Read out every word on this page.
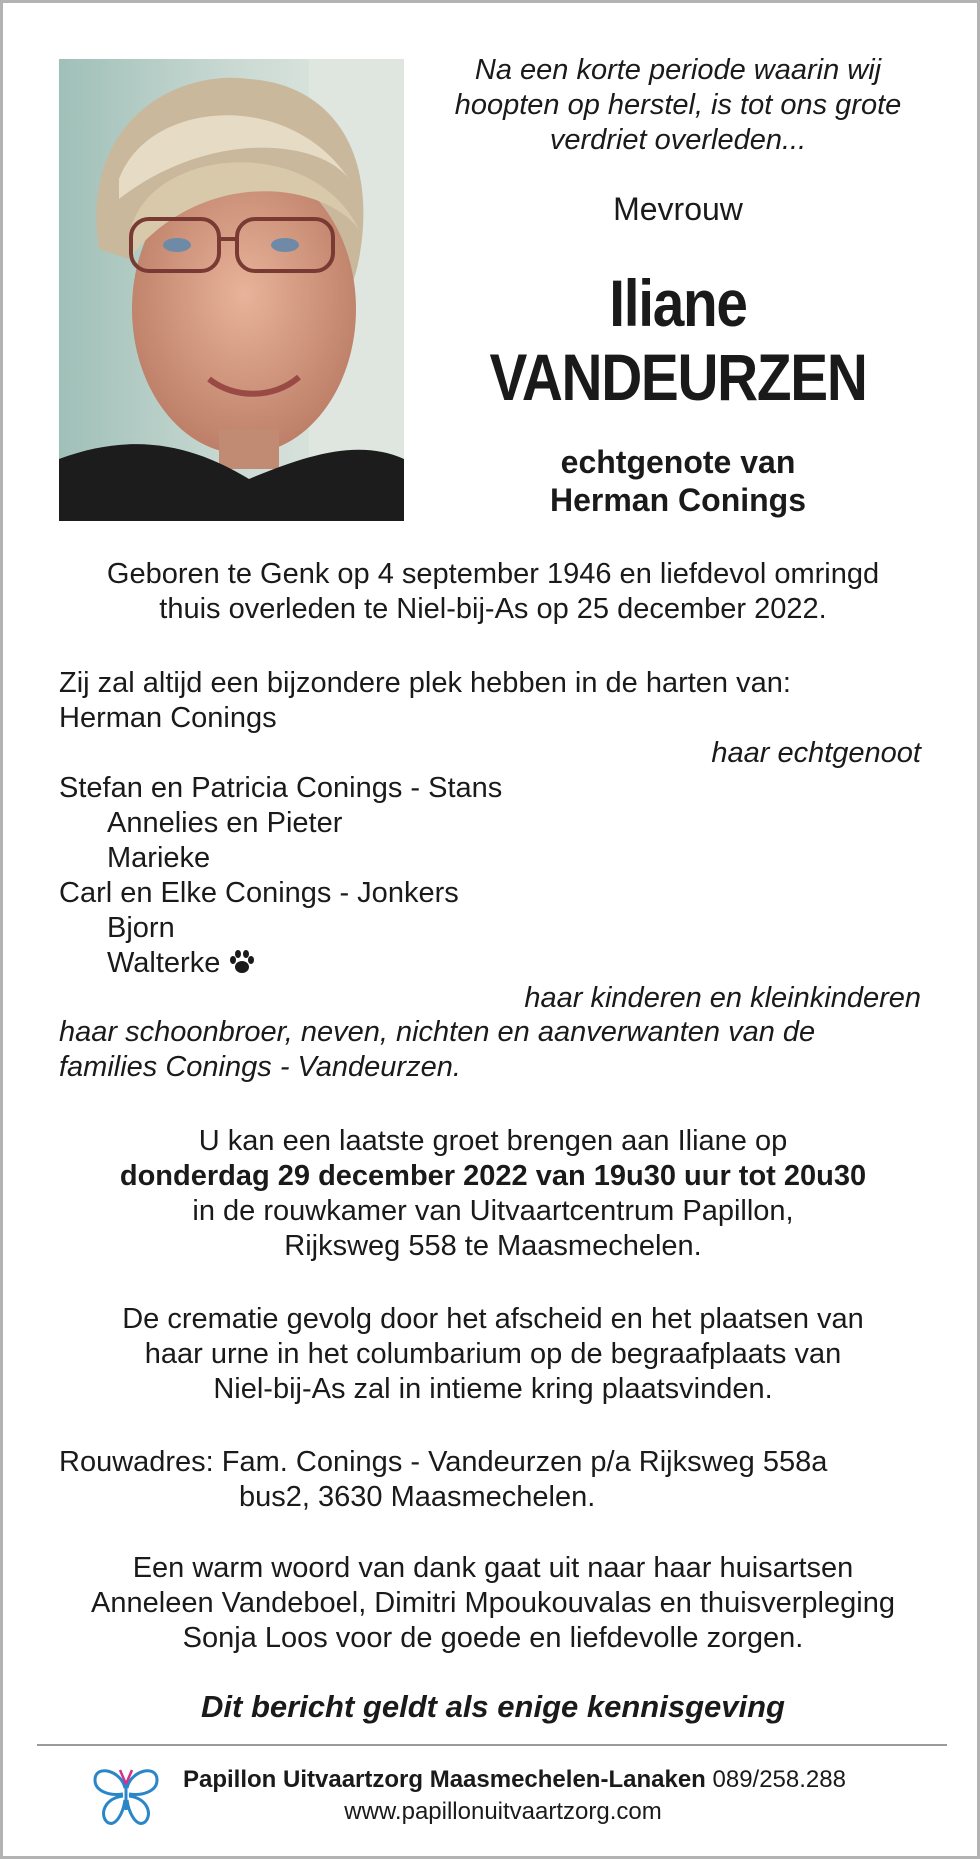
Na een korte periode waarin wij
hoopten op herstel, is tot ons grote
verdriet overleden...
Mevrouw
Iliane
VANDEURZEN
echtgenote van
Herman Conings
Geboren te Genk op 4 september 1946 en liefdevol omringd
thuis overleden te Niel-bij-As op 25 december 2022.
Zij zal altijd een bijzondere plek hebben in de harten van:
Herman Conings
haar echtgenoot
Stefan en Patricia Conings - Stans
Annelies en Pieter
Marieke
Carl en Elke Conings - Jonkers
Bjorn
Walterke
haar kinderen en kleinkinderen
haar schoonbroer, neven, nichten en aanverwanten van de
families Conings - Vandeurzen.
U kan een laatste groet brengen aan Iliane op
donderdag 29 december 2022 van 19u30 uur tot 20u30
in de rouwkamer van Uitvaartcentrum Papillon,
Rijksweg 558 te Maasmechelen.
De crematie gevolg door het afscheid en het plaatsen van
haar urne in het columbarium op de begraafplaats van
Niel-bij-As zal in intieme kring plaatsvinden.
Rouwadres: Fam. Conings - Vandeurzen p/a Rijksweg 558a
bus2, 3630 Maasmechelen.
Een warm woord van dank gaat uit naar haar huisartsen
Anneleen Vandeboel, Dimitri Mpoukouvalas en thuisverpleging
Sonja Loos voor de goede en liefdevolle zorgen.
Dit bericht geldt als enige kennisgeving
Papillon Uitvaartzorg Maasmechelen-Lanaken 089/258.288
www.papillonuitvaartzorg.com
